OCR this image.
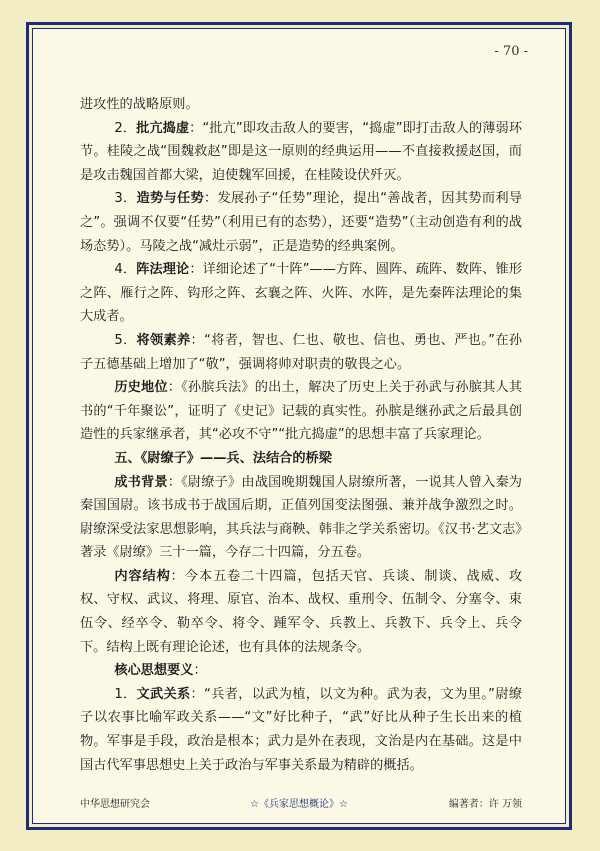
- 70 -

进攻性的战略原则。

2．批亢捣虚：“批亢”即攻击敌人的要害，“捣虚”即打击敌人的薄弱环节。桂陵之战“围魏救赵”即是这一原则的经典运用——不直接救援赵国，而是攻击魏国首都大梁，迫使魏军回援，在桂陵设伏歼灭。

3．造势与任势：发展孙子“任势”理论，提出“善战者，因其势而利导之”。强调不仅要“任势”（利用已有的态势），还要“造势”（主动创造有利的战场态势）。马陵之战“减灶示弱”，正是造势的经典案例。

4．阵法理论：详细论述了“十阵”——方阵、圆阵、疏阵、数阵、锥形之阵、雁行之阵、钩形之阵、玄襄之阵、火阵、水阵，是先秦阵法理论的集大成者。

5．将领素养：“将者，智也、仁也、敬也、信也、勇也、严也。”在孙子五德基础上增加了“敬”，强调将帅对职责的敬畏之心。

历史地位：《孙膑兵法》的出土，解决了历史上关于孙武与孙膑其人其书的“千年聚讼”，证明了《史记》记载的真实性。孙膑是继孙武之后最具创造性的兵家继承者，其“必攻不守”“批亢捣虚”的思想丰富了兵家理论。

五、《尉缭子》——兵、法结合的桥梁

成书背景：《尉缭子》由战国晚期魏国人尉缭所著，一说其人曾入秦为秦国国尉。该书成书于战国后期，正值列国变法图强、兼并战争激烈之时。尉缭深受法家思想影响，其兵法与商鞅、韩非之学关系密切。《汉书·艺文志》著录《尉缭》三十一篇，今存二十四篇，分五卷。

内容结构：今本五卷二十四篇，包括天官、兵谈、制谈、战威、攻权、守权、武议、将理、原官、治本、战权、重刑令、伍制令、分塞令、束伍令、经卒令、勒卒令、将令、踵军令、兵教上、兵教下、兵令上、兵令下。结构上既有理论论述，也有具体的法规条令。

核心思想要义：

1．文武关系：“兵者，以武为植，以文为种。武为表，文为里。”尉缭子以农事比喻军政关系——“文”好比种子，“武”好比从种子生长出来的植物。军事是手段，政治是根本；武力是外在表现，文治是内在基础。这是中国古代军事思想史上关于政治与军事关系最为精辟的概括。

中华思想研究会	☆《兵家思想概论》☆	编著者：许 万领
